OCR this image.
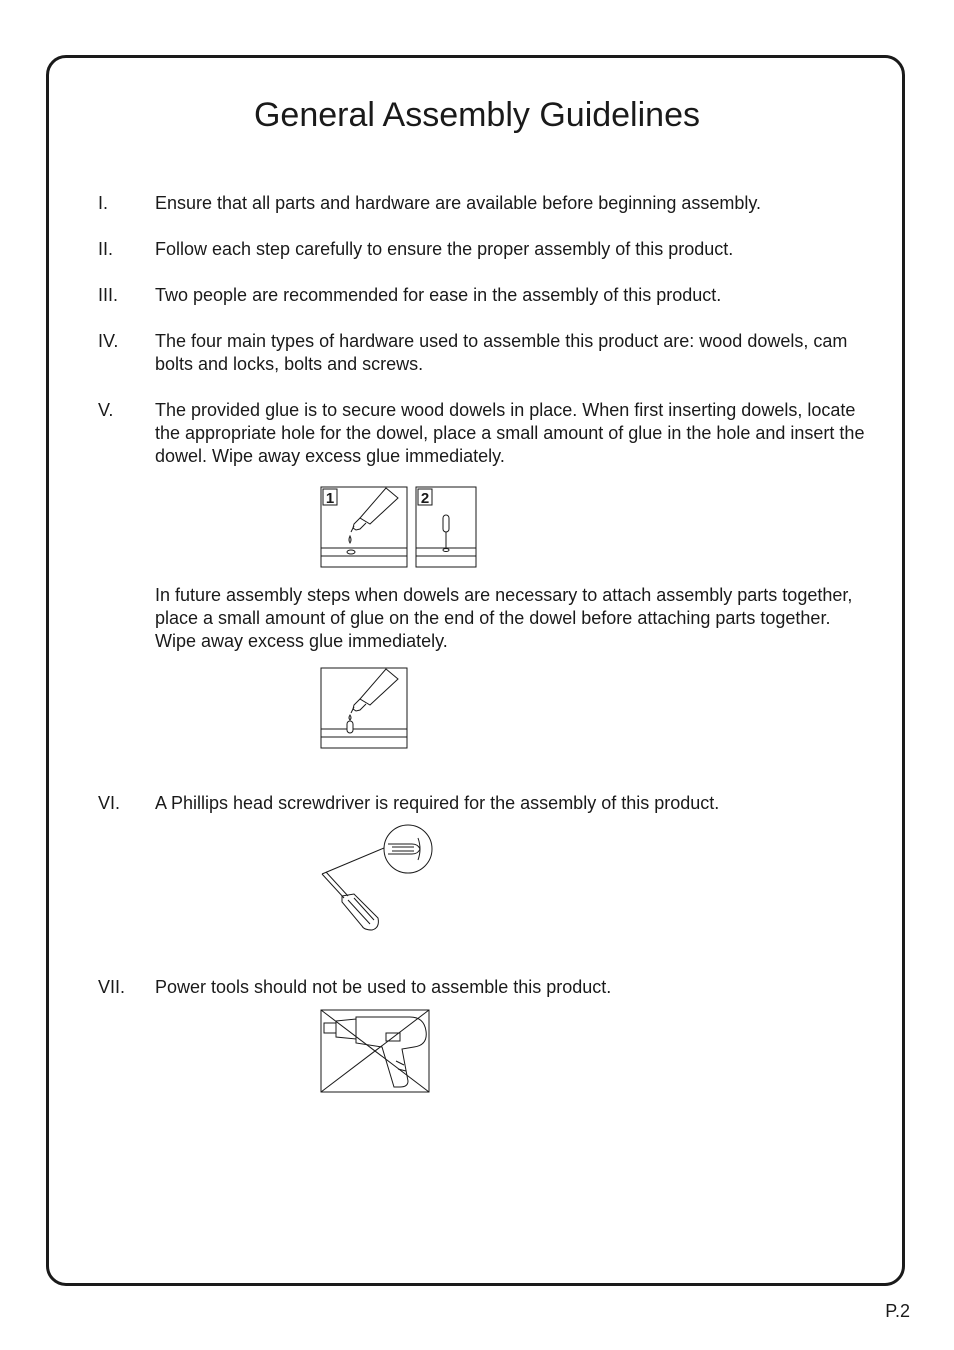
General Assembly Guidelines
I.	Ensure that all parts and hardware are available before beginning assembly.
II. Follow each step carefully to ensure the proper assembly of this product.
III. Two people are recommended for ease in the assembly of this product.
IV. The four main types of hardware used to assemble this product are: wood dowels, cam bolts and locks, bolts and screws.
V. The provided glue is to secure wood dowels in place. When first inserting dowels, locate the appropriate hole for the dowel, place a small amount of glue in the hole and insert the dowel. Wipe away excess glue immediately.
1	2
In future assembly steps when dowels are necessary to attach assembly parts together, place a small amount of glue on the end of the dowel before attaching parts together. Wipe away excess glue immediately.
VI. A Phillips head screwdriver is required for the assembly of this product.
VII. Power tools should not be used to assemble this product.
P.2
